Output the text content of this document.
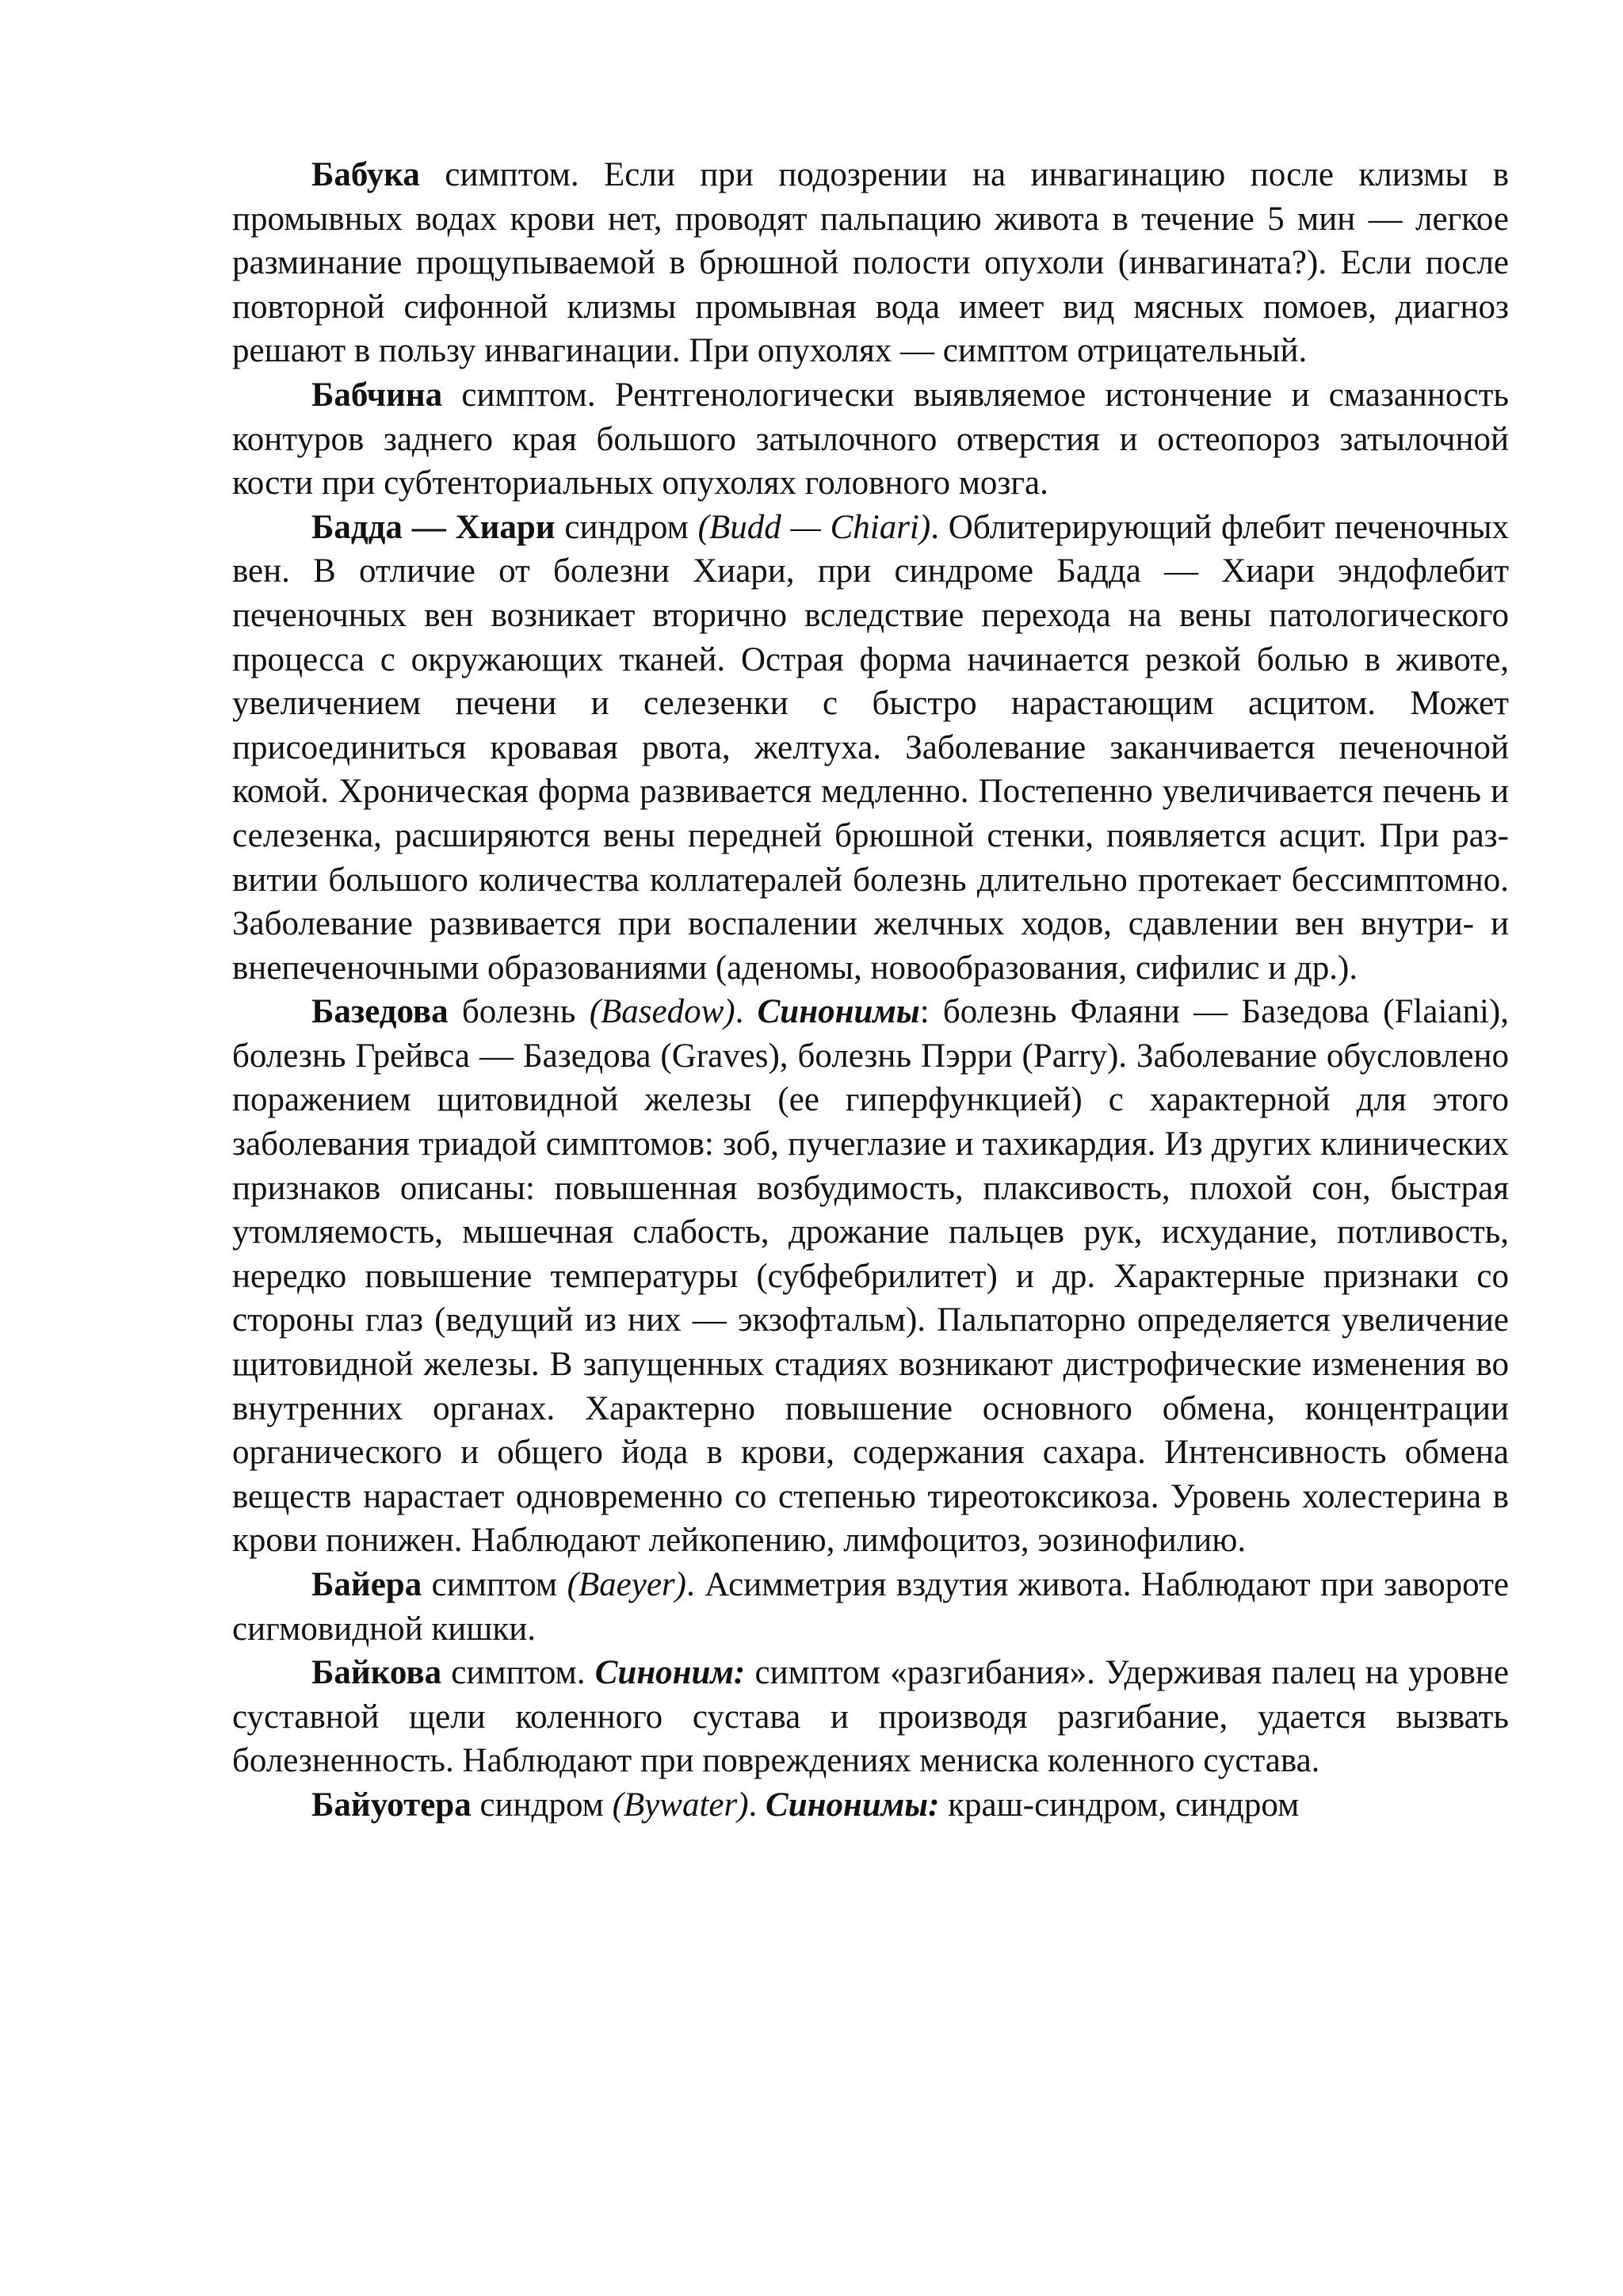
Бабука симптом. Если при подозрении на инвагинацию после клизмы в промывных водах крови нет, проводят пальпацию живота в течение 5 мин — легкое разминание прощупываемой в брюшной полости опухоли (инвагината?). Если после повторной сифонной клизмы промывная вода имеет вид мясных помоев, диагноз решают в пользу инвагинации. При опухолях — симптом отрицательный.

Бабчина симптом. Рентгенологически выявляемое истончение и смазанность контуров заднего края большого затылочного отверстия и остеопороз затылочной кости при субтенториальных опухолях головного мозга.

Бадда — Хиари синдром (Budd — Chiari). Облитерирующий флебит печеночных вен. В отличие от болезни Хиари, при синдроме Бадда — Хиари эндофлебит печеночных вен возникает вторично вследствие перехода на вены патологического процесса с окружающих тканей. Острая форма начинается резкой болью в животе, увеличением печени и селезенки с быстро нарастающим асцитом. Может присоединиться кровавая рвота, желтуха. Заболевание заканчивается печеночной комой. Хроническая форма развивается медленно. Постепенно увеличивается печень и селезенка, расширяются вены передней брюшной стенки, появляется асцит. При развитии большого количества коллатералей болезнь длительно протекает бессимптомно. Заболевание развивается при воспалении желчных ходов, сдавлении вен внутри- и внепеченочными образованиями (аденомы, новообразования, сифилис и др.).

Базедова болезнь (Basedow). Синонимы: болезнь Флаяни — Базедова (Flaiani), болезнь Грейвса — Базедова (Graves), болезнь Пэрри (Parry). Заболевание обусловлено поражением щитовидной железы (ее гиперфункцией) с характерной для этого заболевания триадой симптомов: зоб, пучеглазие и тахикардия. Из других клинических признаков описаны: повышенная возбудимость, плаксивость, плохой сон, быстрая утомляемость, мышечная слабость, дрожание пальцев рук, исхудание, потливость, нередко повышение температуры (субфебрилитет) и др. Характерные признаки со стороны глаз (ведущий из них — экзофтальм). Пальпаторно определяется увеличение щитовидной железы. В запущенных стадиях возникают дистрофические изменения во внутренних органах. Характерно повышение основного обмена, концентрации органического и общего йода в крови, содержания сахара. Интенсивность обмена веществ нарастает одновременно со степенью тиреотоксикоза. Уровень холестерина в крови понижен. Наблюдают лейкопению, лимфоцитоз, эозинофилию.

Байера симптом (Baeyer). Асимметрия вздутия живота. Наблюдают при завороте сигмовидной кишки.

Байкова симптом. Синоним: симптом «разгибания». Удерживая палец на уровне суставной щели коленного сустава и производя разгибание, удается вызвать болезненность. Наблюдают при повреждениях мениска коленного сустава.

Байуотера синдром (Bywater). Синонимы: краш-синдром, синдром
